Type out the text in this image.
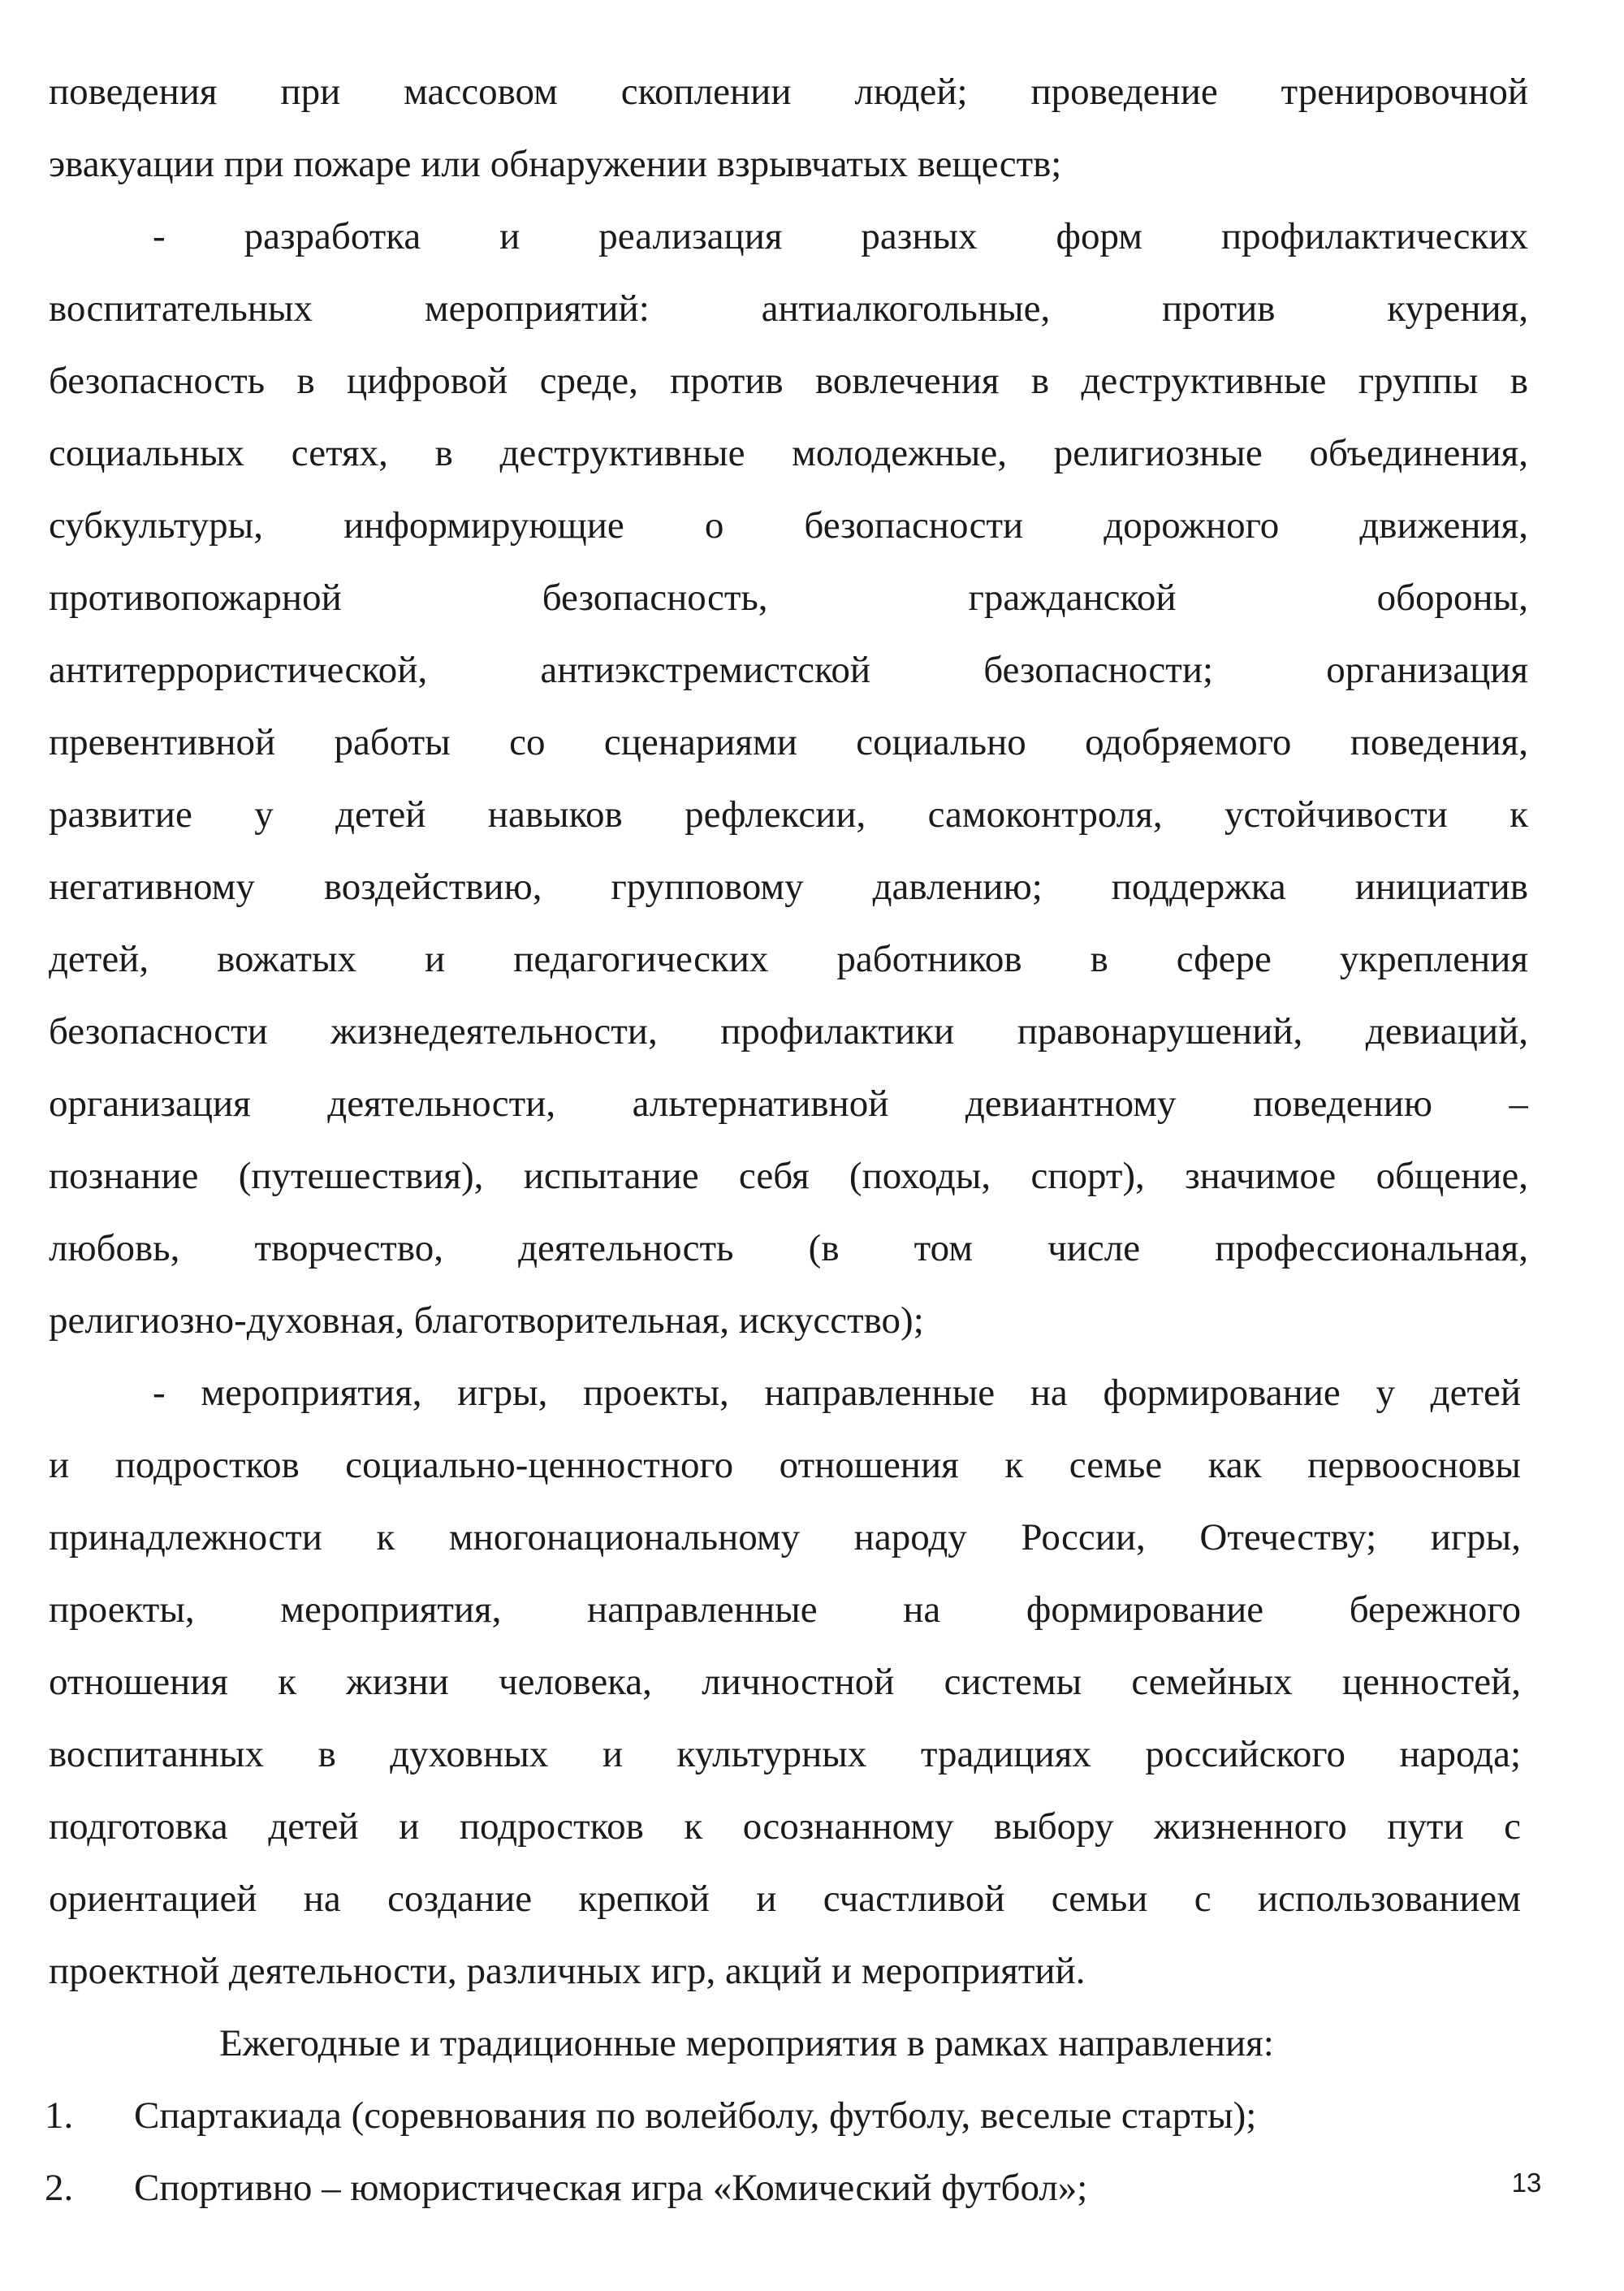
поведения при массовом скоплении людей; проведение тренировочной
эвакуации при пожаре или обнаружении взрывчатых веществ;
- разработка и реализация разных форм профилактических
воспитательных мероприятий: антиалкогольные, против курения,
безопасность в цифровой среде, против вовлечения в деструктивные группы в
социальных сетях, в деструктивные молодежные, религиозные объединения,
субкультуры, информирующие о безопасности дорожного движения,
противопожарной безопасность, гражданской обороны,
антитеррористической, антиэкстремистской безопасности; организация
превентивной работы со сценариями социально одобряемого поведения,
развитие у детей навыков рефлексии, самоконтроля, устойчивости к
негативному воздействию, групповому давлению; поддержка инициатив
детей, вожатых и педагогических работников в сфере укрепления
безопасности жизнедеятельности, профилактики правонарушений, девиаций,
организация деятельности, альтернативной девиантному поведению –
познание (путешествия), испытание себя (походы, спорт), значимое общение,
любовь, творчество, деятельность (в том числе профессиональная,
религиозно-духовная, благотворительная, искусство);
- мероприятия, игры, проекты, направленные на формирование у детей
и подростков социально-ценностного отношения к семье как первоосновы
принадлежности к многонациональному народу России, Отечеству; игры,
проекты, мероприятия, направленные на формирование бережного
отношения к жизни человека, личностной системы семейных ценностей,
воспитанных в духовных и культурных традициях российского народа;
подготовка детей и подростков к осознанному выбору жизненного пути с
ориентацией на создание крепкой и счастливой семьи с использованием
проектной деятельности, различных игр, акций и мероприятий.
Ежегодные и традиционные мероприятия в рамках направления:
1. Спартакиада (соревнования по волейболу, футболу, веселые старты);
2. Спортивно – юмористическая игра «Комический футбол»;	13
